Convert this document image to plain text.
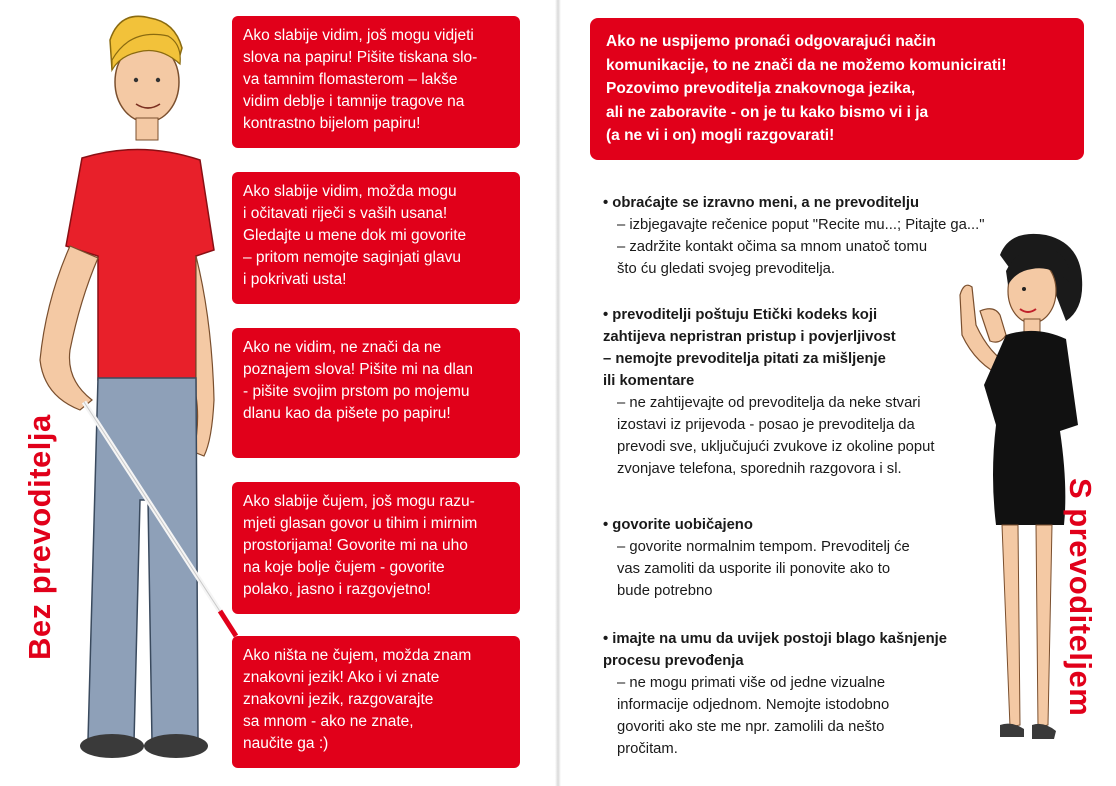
Bez prevoditelja
Ako slabije vidim, još mogu vidjeti
slova na papiru! Pišite tiskana slo-
va tamnim flomasterom – lakše
vidim deblje i tamnije tragove na
kontrastno bijelom papiru!
Ako slabije vidim, možda mogu
i očitavati riječi s vaših usana!
Gledajte u mene dok mi govorite
– pritom nemojte saginjati glavu
i pokrivati usta!
Ako ne vidim, ne znači da ne
poznajem slova! Pišite mi na dlan
- pišite svojim prstom po mojemu
dlanu kao da pišete po papiru!
Ako slabije čujem, još mogu razu-
mjeti glasan govor u tihim i mirnim
prostorijama! Govorite mi na uho
na koje bolje čujem - govorite
polako, jasno i razgovjetno!
Ako ništa ne čujem, možda znam
znakovni jezik! Ako i vi znate
znakovni jezik, razgovarajte
sa mnom - ako ne znate,
naučite ga :)
Ako ne uspijemo pronaći odgovarajući način
komunikacije, to ne znači da ne možemo komunicirati!
Pozovimo prevoditelja znakovnoga jezika,
ali ne zaboravite - on je tu kako bismo vi i ja
(a ne vi i on) mogli razgovarati!
S prevoditeljem
• obraćajte se izravno meni, a ne prevoditelju
– izbjegavajte rečenice poput "Recite mu...; Pitajte ga..."
– zadržite kontakt očima sa mnom unatoč tomu
što ću gledati svojeg prevoditelja.
• prevoditelji poštuju Etički kodeks koji
zahtijeva nepristran pristup i povjerljivost
– nemojte prevoditelja pitati za mišljenje
ili komentare
– ne zahtijevajte od prevoditelja da neke stvari
izostavi iz prijevoda - posao je prevoditelja da
prevodi sve, uključujući zvukove iz okoline poput
zvonjave telefona, sporednih razgovora i sl.
• govorite uobičajeno
– govorite normalnim tempom. Prevoditelj će
vas zamoliti da usporite ili ponovite ako to
bude potrebno
• imajte na umu da uvijek postoji blago kašnjenje
procesu prevođenja
– ne mogu primati više od jedne vizualne
informacije odjednom. Nemojte istodobno
govoriti ako ste me npr. zamolili da nešto
pročitam.
